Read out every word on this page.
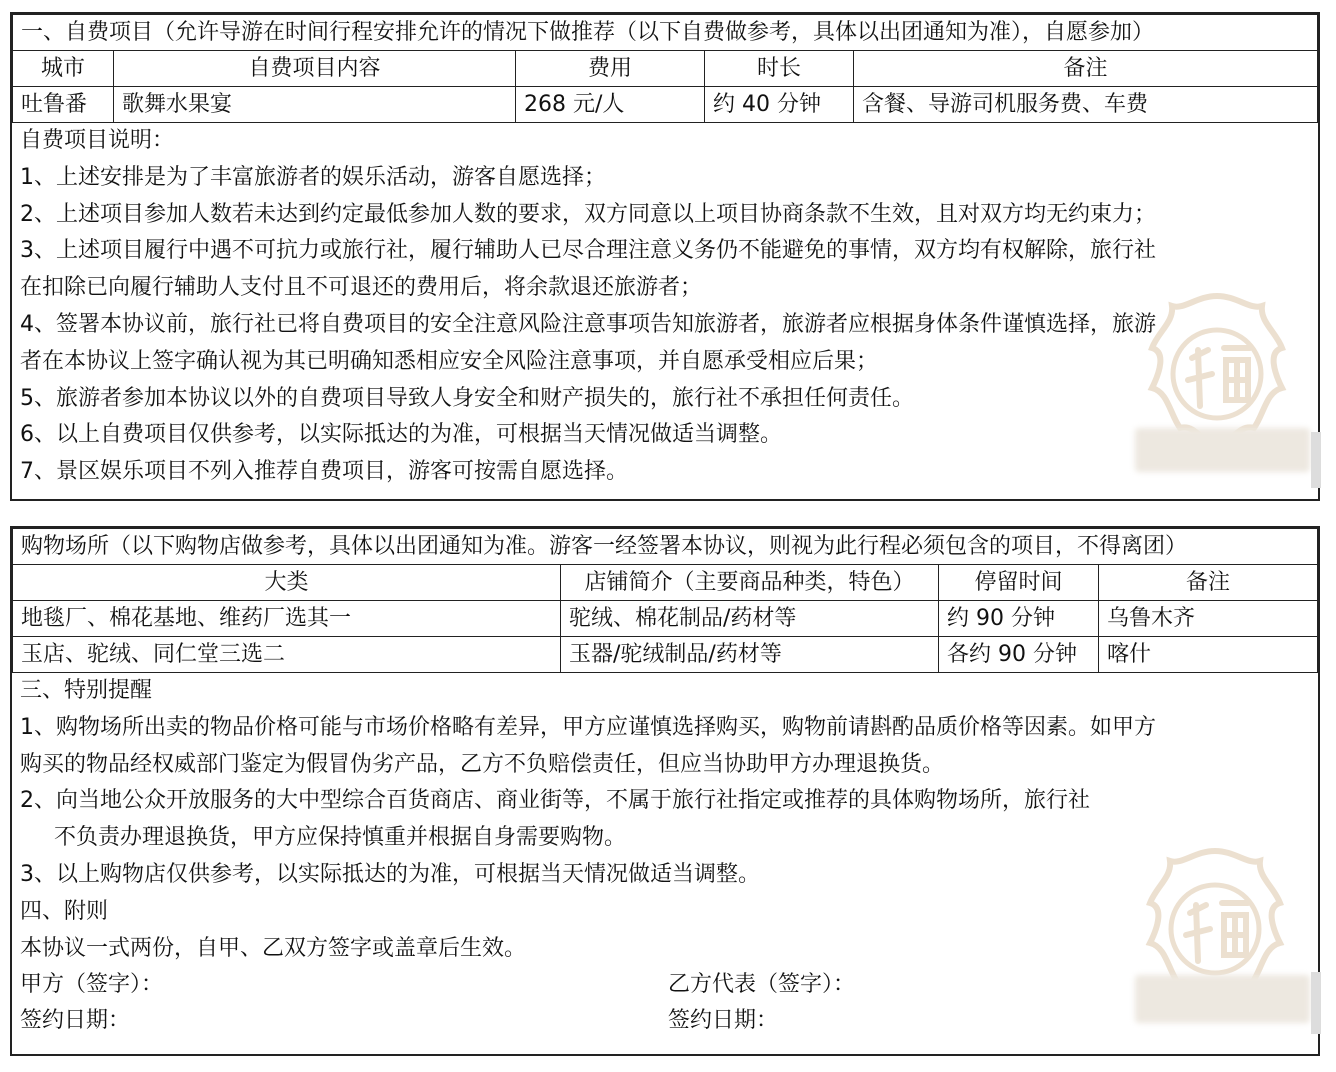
一、自费项目（允许导游在时间行程安排允许的情况下做推荐（以下自费做参考，具体以出团通知为准），自愿参加）				
城市	自费项目内容	费用	时长	备注
吐鲁番	歌舞水果宴	268 元/人	约 40 分钟	含餐、导游司机服务费、车费
自费项目说明：
1、上述安排是为了丰富旅游者的娱乐活动，游客自愿选择；
2、上述项目参加人数若未达到约定最低参加人数的要求，双方同意以上项目协商条款不生效，且对双方均无约束力；
3、上述项目履行中遇不可抗力或旅行社，履行辅助人已尽合理注意义务仍不能避免的事情，双方均有权解除，旅行社
在扣除已向履行辅助人支付且不可退还的费用后，将余款退还旅游者；
4、签署本协议前，旅行社已将自费项目的安全注意风险注意事项告知旅游者，旅游者应根据身体条件谨慎选择，旅游
者在本协议上签字确认视为其已明确知悉相应安全风险注意事项，并自愿承受相应后果；
5、旅游者参加本协议以外的自费项目导致人身安全和财产损失的，旅行社不承担任何责任。
6、以上自费项目仅供参考，以实际抵达的为准，可根据当天情况做适当调整。
7、景区娱乐项目不列入推荐自费项目，游客可按需自愿选择。
购物场所（以下购物店做参考，具体以出团通知为准。游客一经签署本协议，则视为此行程必须包含的项目，不得离团）			
大类	店铺简介（主要商品种类，特色）	停留时间	备注
地毯厂、棉花基地、维药厂选其一	驼绒、棉花制品/药材等	约 90 分钟	乌鲁木齐
玉店、驼绒、同仁堂三选二	玉器/驼绒制品/药材等	各约 90 分钟	喀什
三、特别提醒
1、购物场所出卖的物品价格可能与市场价格略有差异，甲方应谨慎选择购买，购物前请斟酌品质价格等因素。如甲方
购买的物品经权威部门鉴定为假冒伪劣产品，乙方不负赔偿责任，但应当协助甲方办理退换货。
2、向当地公众开放服务的大中型综合百货商店、商业街等，不属于旅行社指定或推荐的具体购物场所，旅行社
不负责办理退换货，甲方应保持慎重并根据自身需要购物。
3、以上购物店仅供参考，以实际抵达的为准，可根据当天情况做适当调整。
四、附则
本协议一式两份，自甲、乙双方签字或盖章后生效。
甲方（签字）：	乙方代表（签字）：
签约日期：	签约日期：
